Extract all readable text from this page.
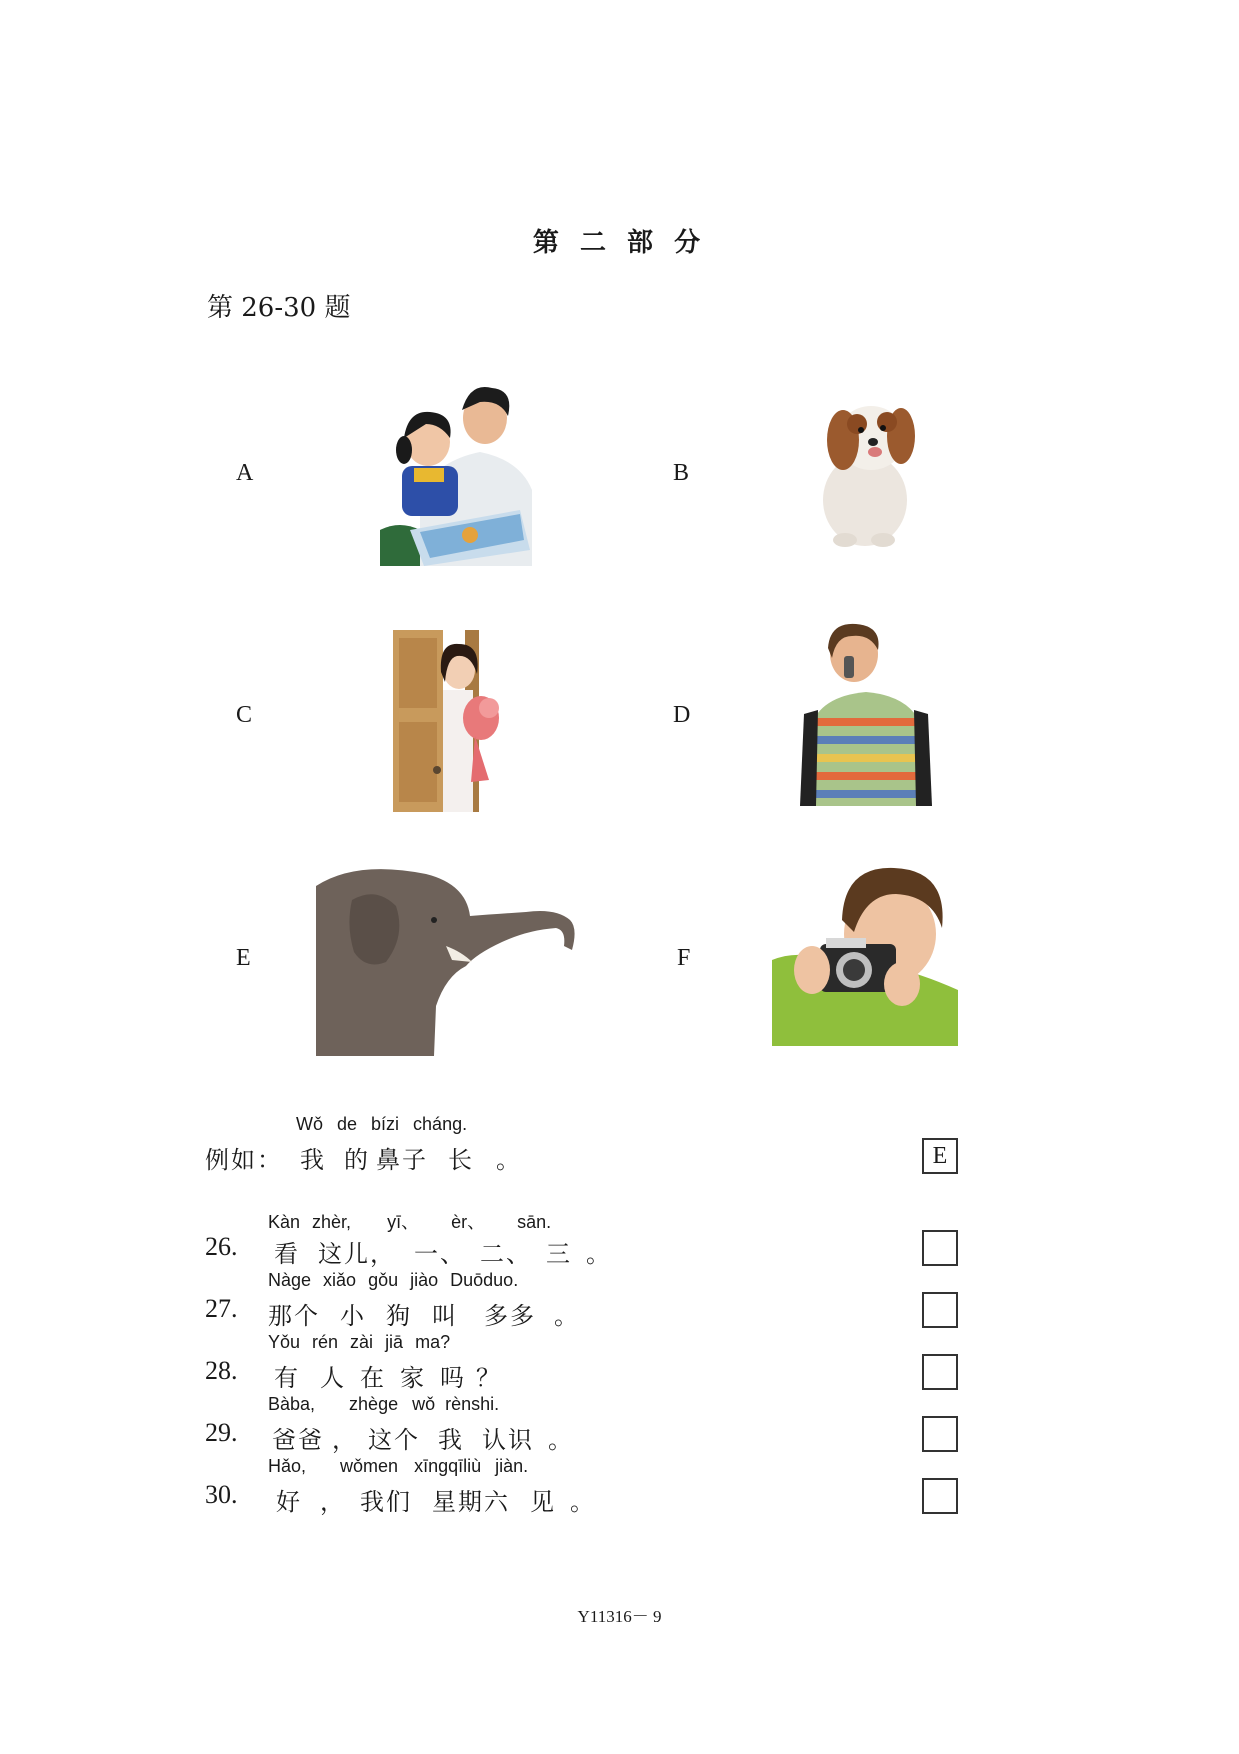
第 二 部 分
第 26-30 题
A	B
C	D
E	F
Wǒ de bízi cháng.
例如： 我 的 鼻子 长 。	E
Kàn zhèr, yī、 èr、 sān.
26. 看 这儿， 一、 二、 三 。
Nàge xiǎo gǒu jiào Duōduo.
27. 那个 小 狗 叫 多多 。
Yǒu rén zài jiā ma?
28. 有 人 在 家 吗 ？
Bàba, zhège wǒ rènshi.
29. 爸爸 ， 这个 我 认识 。
Hǎo, wǒmen xīngqīliù jiàn.
30. 好 ， 我们 星期六 见 。
Y11316－ 9
